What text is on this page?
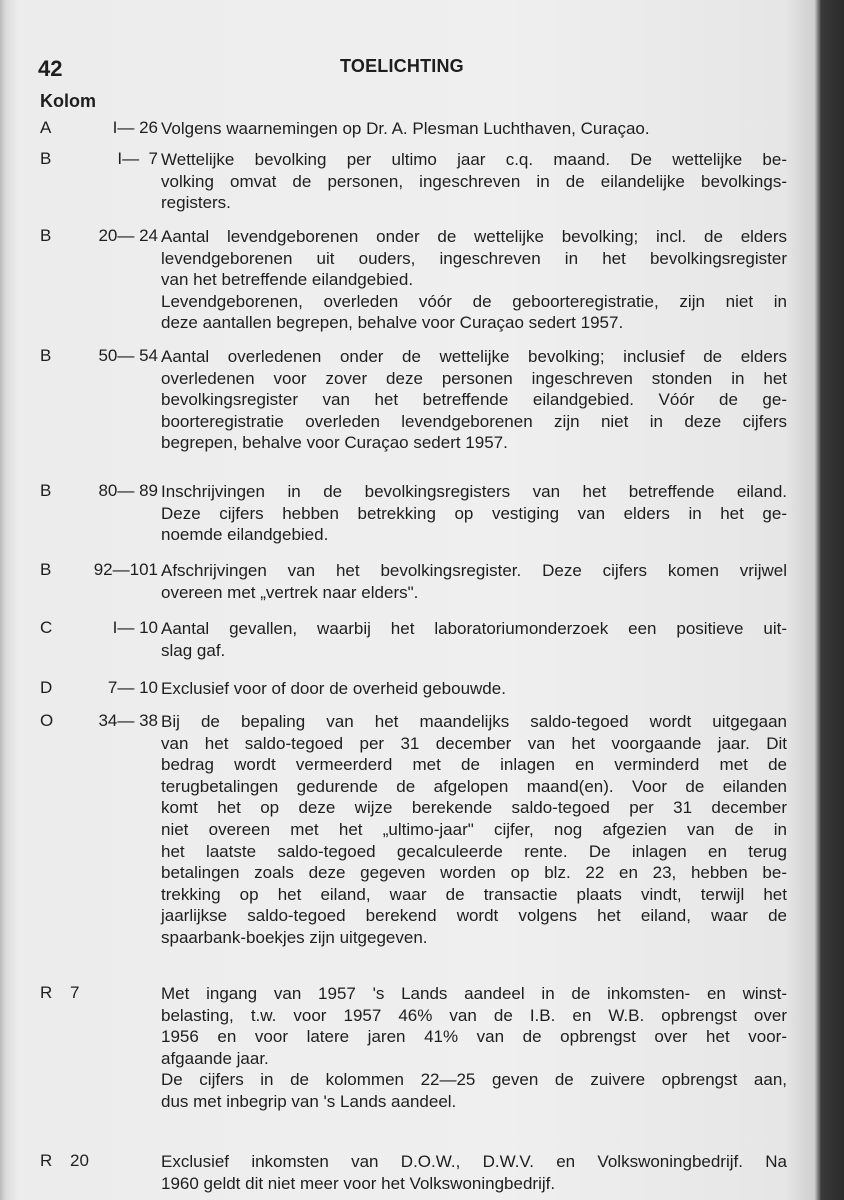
42	TOELICHTING
Kolom
A	I— 26 Volgens waarnemingen op Dr. A. Plesman Luchthaven, Curaçao.
B	I—  7 Wettelijke bevolking per ultimo jaar c.q. maand. De wettelijke be-
volking omvat de personen, ingeschreven in de eilandelijke bevolkings-
registers.
B	20— 24 Aantal levendgeborenen onder de wettelijke bevolking; incl. de elders
levendgeborenen uit ouders, ingeschreven in het bevolkingsregister
van het betreffende eilandgebied.
Levendgeborenen, overleden vóór de geboorteregistratie, zijn niet in
deze aantallen begrepen, behalve voor Curaçao sedert 1957.
B	50— 54 Aantal overledenen onder de wettelijke bevolking; inclusief de elders
overledenen voor zover deze personen ingeschreven stonden in het
bevolkingsregister van het betreffende eilandgebied. Vóór de ge-
boorteregistratie overleden levendgeborenen zijn niet in deze cijfers
begrepen, behalve voor Curaçao sedert 1957.
B	80— 89 Inschrijvingen in de bevolkingsregisters van het betreffende eiland.
Deze cijfers hebben betrekking op vestiging van elders in het ge-
noemde eilandgebied.
B	92—101 Afschrijvingen van het bevolkingsregister. Deze cijfers komen vrijwel
overeen met „vertrek naar elders".
C	I— 10 Aantal gevallen, waarbij het laboratoriumonderzoek een positieve uit-
slag gaf.
D	7— 10 Exclusief voor of door de overheid gebouwde.
O	34— 38 Bij de bepaling van het maandelijks saldo-tegoed wordt uitgegaan
van het saldo-tegoed per 31 december van het voorgaande jaar. Dit
bedrag wordt vermeerderd met de inlagen en verminderd met de
terugbetalingen gedurende de afgelopen maand(en). Voor de eilanden
komt het op deze wijze berekende saldo-tegoed per 31 december
niet overeen met het „ultimo-jaar" cijfer, nog afgezien van de in
het laatste saldo-tegoed gecalculeerde rente. De inlagen en terug
betalingen zoals deze gegeven worden op blz. 22 en 23, hebben be-
trekking op het eiland, waar de transactie plaats vindt, terwijl het
jaarlijkse saldo-tegoed berekend wordt volgens het eiland, waar de
spaarbank-boekjes zijn uitgegeven.
R 7	Met ingang van 1957 's Lands aandeel in de inkomsten- en winst-
belasting, t.w. voor 1957 46% van de I.B. en W.B. opbrengst over
1956 en voor latere jaren 41% van de opbrengst over het voor-
afgaande jaar.
De cijfers in de kolommen 22—25 geven de zuivere opbrengst aan,
dus met inbegrip van 's Lands aandeel.
R 20	Exclusief inkomsten van D.O.W., D.W.V. en Volkswoningbedrijf. Na
1960 geldt dit niet meer voor het Volkswoningbedrijf.
